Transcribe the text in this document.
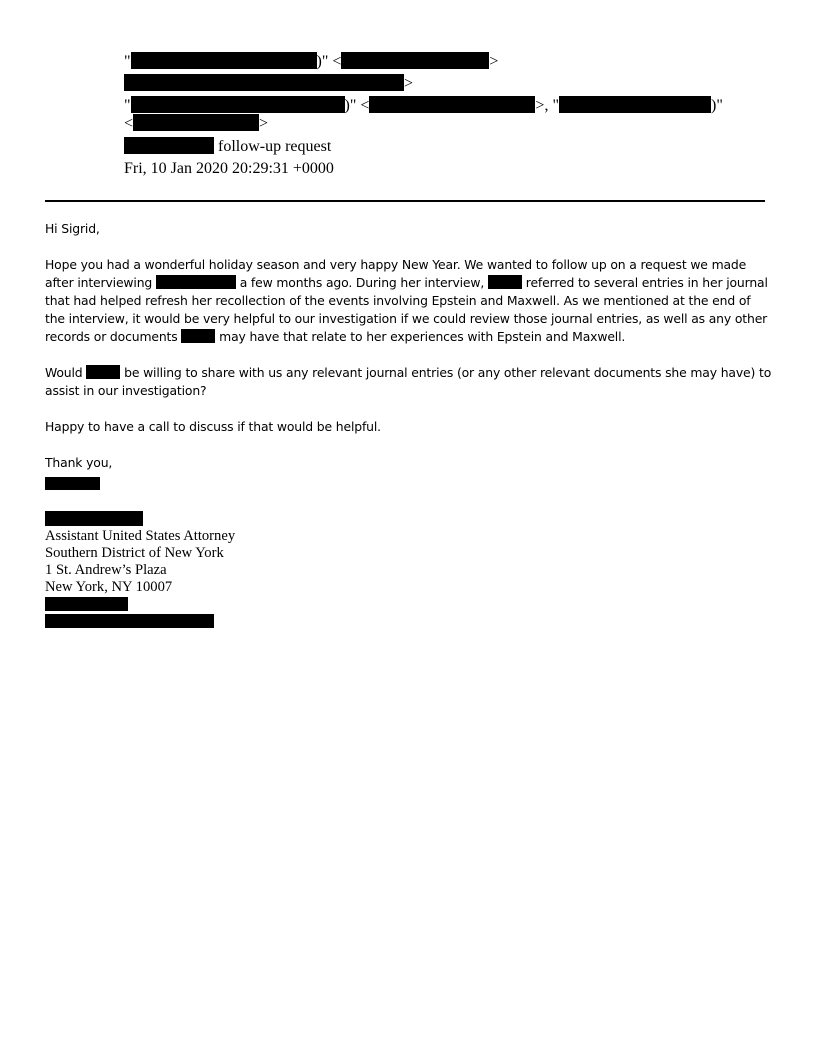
"	)" <	>
>
"	)" <	>, "	)"
<	>
follow-up request
Fri, 10 Jan 2020 20:29:31 +0000

Hi Sigrid,

Hope you had a wonderful holiday season and very happy New Year. We wanted to follow up on a request we made after interviewing	a few months ago. During her interview,	referred to several entries in her journal that had helped refresh her recollection of the events involving Epstein and Maxwell. As we mentioned at the end of the interview, it would be very helpful to our investigation if we could review those journal entries, as well as any other records or documents	may have that relate to her experiences with Epstein and Maxwell.

Would	be willing to share with us any relevant journal entries (or any other relevant documents she may have) to assist in our investigation?

Happy to have a call to discuss if that would be helpful.

Thank you,

Assistant United States Attorney
Southern District of New York
1 St. Andrew’s Plaza
New York, NY 10007
